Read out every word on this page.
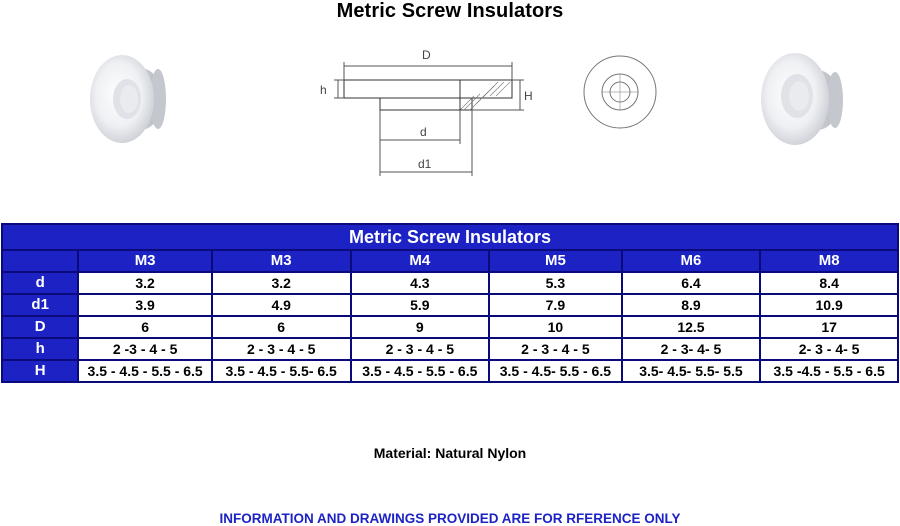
Metric Screw Insulators
D
h	H
d
d1
Metric Screw Insulators						
	M3	M3	M4	M5	M6	M8
d	3.2	3.2	4.3	5.3	6.4	8.4
d1	3.9	4.9	5.9	7.9	8.9	10.9
D	6	6	9	10	12.5	17
h	2 -3 - 4 - 5	2 - 3 - 4 - 5	2 - 3 - 4 - 5	2 - 3 - 4 - 5	2 - 3- 4- 5	2- 3 - 4- 5
H	3.5 - 4.5 - 5.5 - 6.5	3.5 - 4.5 - 5.5- 6.5	3.5 - 4.5 - 5.5 - 6.5	3.5 - 4.5- 5.5 - 6.5	3.5- 4.5- 5.5- 5.5	3.5 -4.5 - 5.5 - 6.5
Material: Natural Nylon
INFORMATION AND DRAWINGS PROVIDED ARE FOR RFERENCE ONLY
